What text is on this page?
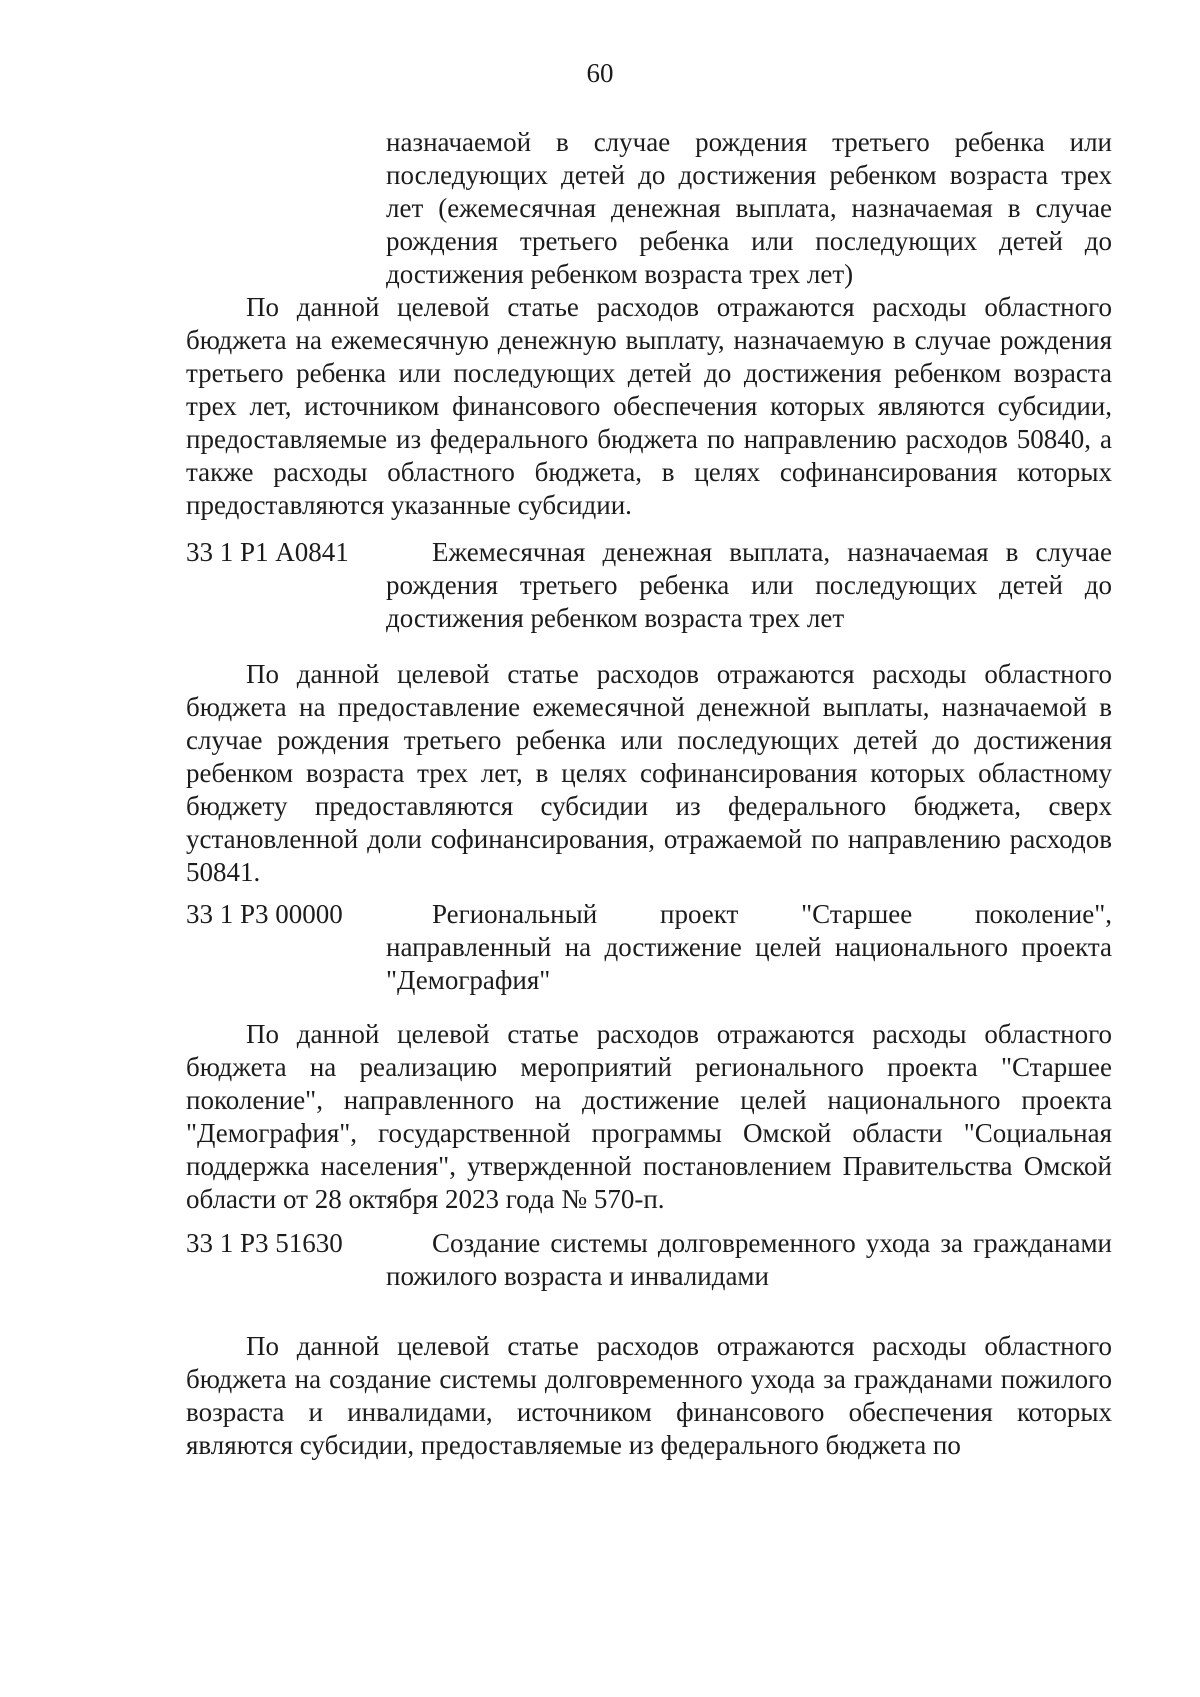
60

назначаемой в случае рождения третьего ребенка или последующих детей до достижения ребенком возраста трех лет (ежемесячная денежная выплата, назначаемая в случае рождения третьего ребенка или последующих детей до достижения ребенком возраста трех лет)

По данной целевой статье расходов отражаются расходы областного бюджета на ежемесячную денежную выплату, назначаемую в случае рождения третьего ребенка или последующих детей до достижения ребенком возраста трех лет, источником финансового обеспечения которых являются субсидии, предоставляемые из федерального бюджета по направлению расходов 50840, а также расходы областного бюджета, в целях софинансирования которых предоставляются указанные субсидии.

33 1 Р1 А0841	Ежемесячная денежная выплата, назначаемая в случае рождения третьего ребенка или последующих детей до достижения ребенком возраста трех лет

По данной целевой статье расходов отражаются расходы областного бюджета на предоставление ежемесячной денежной выплаты, назначаемой в случае рождения третьего ребенка или последующих детей до достижения ребенком возраста трех лет, в целях софинансирования которых областному бюджету предоставляются субсидии из федерального бюджета, сверх установленной доли софинансирования, отражаемой по направлению расходов 50841.

33 1 Р3 00000	Региональный проект "Старшее поколение", направленный на достижение целей национального проекта "Демография"

По данной целевой статье расходов отражаются расходы областного бюджета на реализацию мероприятий регионального проекта "Старшее поколение", направленного на достижение целей национального проекта "Демография", государственной программы Омской области "Социальная поддержка населения", утвержденной постановлением Правительства Омской области от 28 октября 2023 года № 570-п.

33 1 Р3 51630	Создание системы долговременного ухода за гражданами пожилого возраста и инвалидами

По данной целевой статье расходов отражаются расходы областного бюджета на создание системы долговременного ухода за гражданами пожилого возраста и инвалидами, источником финансового обеспечения которых являются субсидии, предоставляемые из федерального бюджета по
